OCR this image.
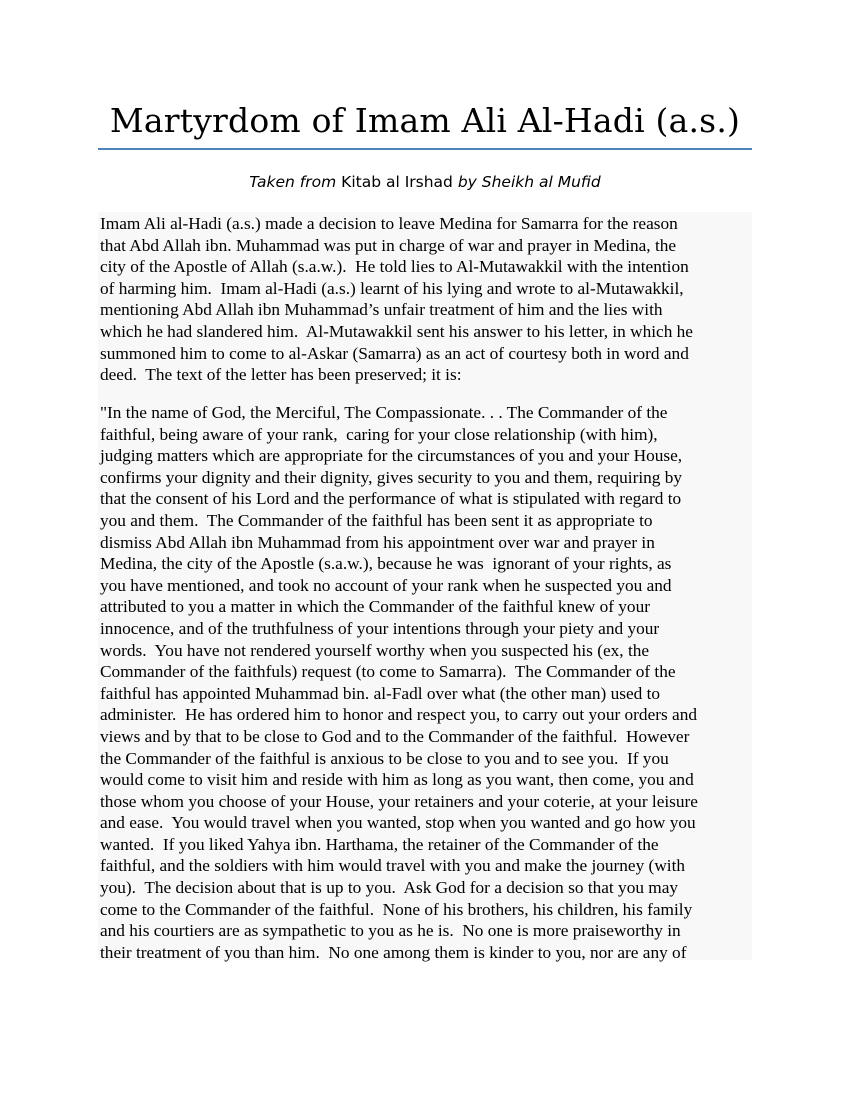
Martyrdom of Imam Ali Al-Hadi (a.s.)
Taken from Kitab al Irshad by Sheikh al Mufid
Imam Ali al-Hadi (a.s.) made a decision to leave Medina for Samarra for the reason
that Abd Allah ibn. Muhammad was put in charge of war and prayer in Medina, the
city of the Apostle of Allah (s.a.w.).  He told lies to Al-Mutawakkil with the intention
of harming him.  Imam al-Hadi (a.s.) learnt of his lying and wrote to al-Mutawakkil,
mentioning Abd Allah ibn Muhammad’s unfair treatment of him and the lies with
which he had slandered him.  Al-Mutawakkil sent his answer to his letter, in which he
summoned him to come to al-Askar (Samarra) as an act of courtesy both in word and
deed.  The text of the letter has been preserved; it is:
"In the name of God, the Merciful, The Compassionate. . . The Commander of the
faithful, being aware of your rank,  caring for your close relationship (with him),
judging matters which are appropriate for the circumstances of you and your House,
confirms your dignity and their dignity, gives security to you and them, requiring by
that the consent of his Lord and the performance of what is stipulated with regard to
you and them.  The Commander of the faithful has been sent it as appropriate to
dismiss Abd Allah ibn Muhammad from his appointment over war and prayer in
Medina, the city of the Apostle (s.a.w.), because he was  ignorant of your rights, as
you have mentioned, and took no account of your rank when he suspected you and
attributed to you a matter in which the Commander of the faithful knew of your
innocence, and of the truthfulness of your intentions through your piety and your
words.  You have not rendered yourself worthy when you suspected his (ex, the
Commander of the faithfuls) request (to come to Samarra).  The Commander of the
faithful has appointed Muhammad bin. al-Fadl over what (the other man) used to
administer.  He has ordered him to honor and respect you, to carry out your orders and
views and by that to be close to God and to the Commander of the faithful.  However
the Commander of the faithful is anxious to be close to you and to see you.  If you
would come to visit him and reside with him as long as you want, then come, you and
those whom you choose of your House, your retainers and your coterie, at your leisure
and ease.  You would travel when you wanted, stop when you wanted and go how you
wanted.  If you liked Yahya ibn. Harthama, the retainer of the Commander of the
faithful, and the soldiers with him would travel with you and make the journey (with
you).  The decision about that is up to you.  Ask God for a decision so that you may
come to the Commander of the faithful.  None of his brothers, his children, his family
and his courtiers are as sympathetic to you as he is.  No one is more praiseworthy in
their treatment of you than him.  No one among them is kinder to you, nor are any of
